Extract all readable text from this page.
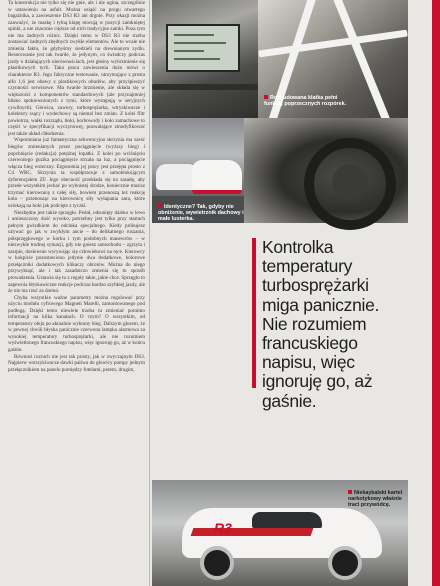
Ta konstrukcja nie tylko się nie gnie, ale i nie ugina, szczególnie w ustawieniu na asfalt. Można usiąść na progu otwartego bagażnika, a zawieszenie DS3 R3 ani drgnie. Przy okazji można zauważyć, że maskę i tylną klapę mocują w pozycji zamkniętej spinki, a nie znacznie cięższe od nich tradycyjne zamki. Poza tym nie ma żadnych różnic. Dzięki temu w DS3 R3 nie trzeba zostawiać żadnych zbędnych zwykłe elementów. Ale to wcale nie zmienia faktu, że gdybyśmy siedzieli na drewnianym zydlu. Resorowanie jest tak twarde, że jedynym, co świadczy podczas jazdy o działających nierównościach, jest głośny wybrzmienie się plastikowych tych. Taka praca zawieszenia dużo mówi o charakterze R3. Jego fabryczne testowanie, utrzymujące z prosta alfo 1,6 jest obawy z plastikowych obudów, aby przyśpieszyć czynności serwisowe. Ma twarde brzmienie, ale składa się w większości z komponentów standardowych (ale przynajmniej blisko spokrewnionych z tymi, które występują w seryjnych cywilnych). Głowica, zawory, turbosprężarka, wtryskiwacze i kolektory ssący i wydechowy są niemal bez zmian. Z kolei filtr powietrza, wałki rozrządu, tłoki, korbowody i koło zamachowe to części w specyfikacji wyczynowej, pozwalające zmodyfikować jest także układ chłodzenia.

Wspomniana już fantastyczna sekwencyjna skrzynia ma sześć biegów zmienianych przez pociągnięcie (wyższy bieg) i popchnięcie (redukcja) potężnej łopatki. Z kolei po wciśnięciu czerwonego guzika pociągnięcie strzała na luz, a pociągnięcie włącza bieg wsteczny. Ergonomia jej pracy jest przejęta prosto z C4 WRC. Skrzynia ta współpracuje z samoblokującym dyferencjałem ZF. Jego obecność przekłada się na zasadę, aby przede wszystkim jechać po wyboistej drodze, koniecznie musisz trzymać kierownicę z całej siły, bowiem przenoszą też reakcję koła – przenosząc na kierownicę siły wyłapania auta, które uciekają na boki jak podcięte z tyczki.

Niezbędne jest także sprzęgło. Pedał, odsunięty daleko w lewo i umieszczony dość wysoko, potrzebny jest tylko przy startach pełnym gwizdkiem do odcinka specjalnego. Kiedy próbujesz używać go jak w zwykłym aucie – do delikatnego ruszania, półsprzęgłowego w korku i tym podobnych manewrów – w niezwykle trudnej sytuacji, gdy nie gniesz samochodu – zgrzyta i szarpie, dosłownie wyrywając się człowiekowi na ręce. Kierowcy w kokpicie pozostawiono jedynie dwa dodatkowe, kolorowe przełączniki dodatkowych klikaczy obrotów. Można do niego przywyknąć, ale i tak zasadniczo zmienia się tu sposób prowadzenia. Ustawia się tu z reguły takie, jakie chce. Sprzęgło to zapewnia błyskawiczne reakcje podczas bardzo szybkiej jazdy, ale że nie ma rzuć za darmo.

Chyba wszystkie ważne parametry można regulować przy użyciu modułu cyfrowego Magneti Marelli, zamontowanego pod podłogą. Dzięki temu niewiele trzeba tu zmieniać pomimo informacji na kilka kanałach. O czym? O wszystkim, od temperatury oleju po aktualnie wybrany bieg. Dalszym głosem, że w pewnej chwili błyska panicznie czerwona lampka alarmowa za wysokiej temperatury turbosprężarki, ale nie rozumiem wyświetlonego francuskiego napisu, więc ignoruję go, aż w końcu gaśnie.

Również rozruch nie jest tak prosty, jak w zwyczajnym DS3. Najpierw wstrzykiwacze dawki paliwa do głowicy pompy jednym przełącznikiem na panelu pomiędzy fotelami, potem, drugim,

Rozbudowana klatka pełni funkcję poprzecznych rozpórek.
Identyczne? Tak, gdyby nie obniżenie, wywietrznik dachowy i małe lusterka.
Kontrolka temperatury turbosprężarki miga panicznie. Nie rozumiem francuskiego napisu, więc ignoruję go, aż gaśnie.
R3
Niekaykalski kartel narkotykowy właśnie traci przywódcę.
